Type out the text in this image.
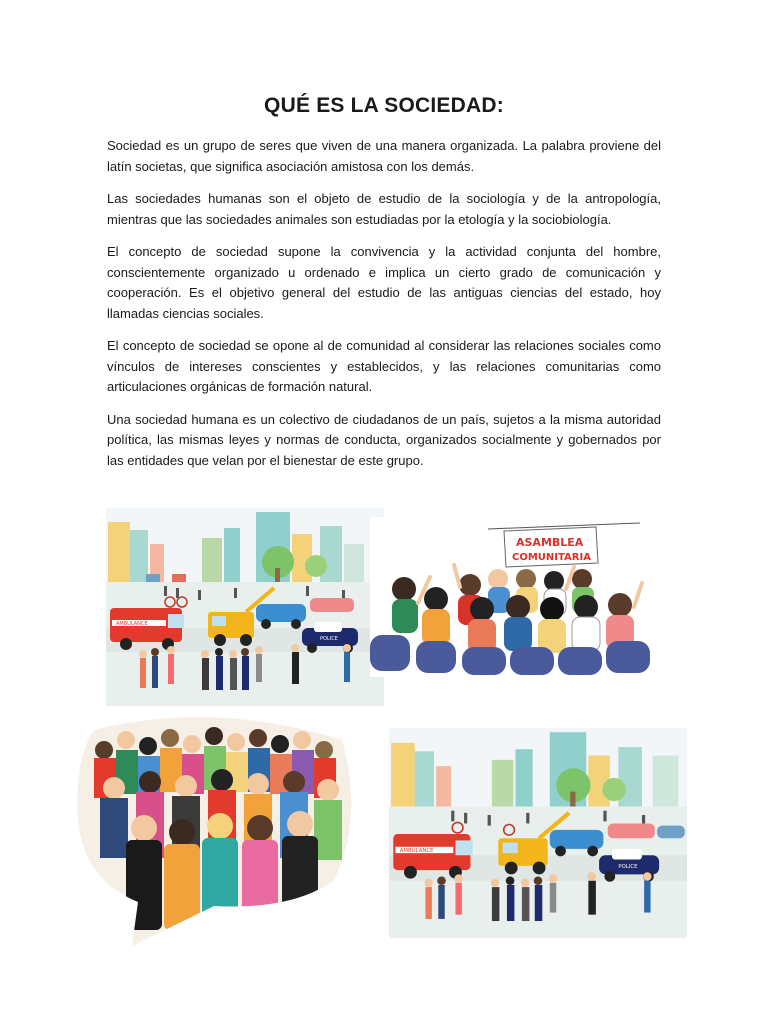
QUÉ ES LA SOCIEDAD:

Sociedad es un grupo de seres que viven de una manera organizada. La palabra proviene del latín societas, que significa asociación amistosa con los demás.

Las sociedades humanas son el objeto de estudio de la sociología y de la antropología, mientras que las sociedades animales son estudiadas por la etología y la sociobiología.

El concepto de sociedad supone la convivencia y la actividad conjunta del hombre, conscientemente organizado u ordenado e implica un cierto grado de comunicación y cooperación. Es el objetivo general del estudio de las antiguas ciencias del estado, hoy llamadas ciencias sociales.

El concepto de sociedad se opone al de comunidad al considerar las relaciones sociales como vínculos de intereses conscientes y establecidos, y las relaciones comunitarias como articulaciones orgánicas de formación natural.

Una sociedad humana es un colectivo de ciudadanos de un país, sujetos a la misma autoridad política, las mismas leyes y normas de conducta, organizados socialmente y gobernados por las entidades que velan por el bienestar de este grupo.

AMBULANCE
POLICE
ASAMBLEA
COMUNITARIA
AMBULANCE
POLICE
